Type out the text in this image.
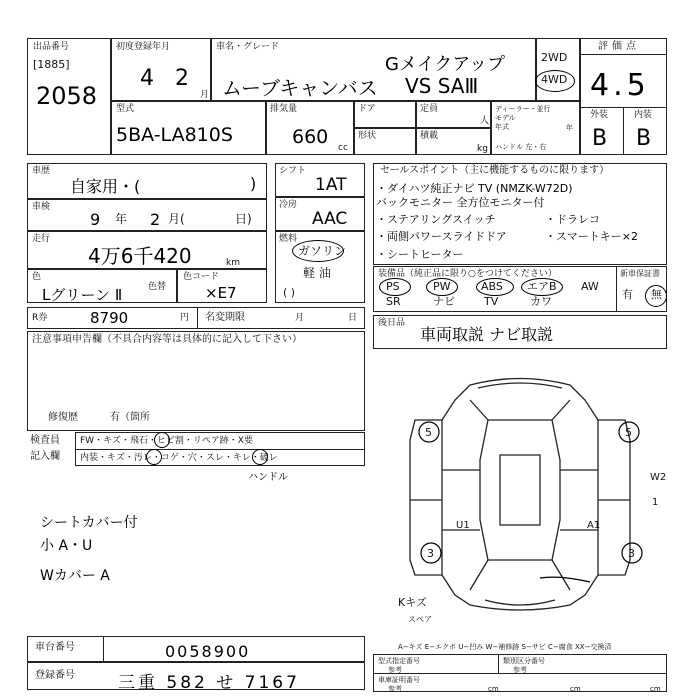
出品番号
[1885]
2058
初度登録年月
4 2
月
車名・グレード
Gメイクアップ
ムーブキャンバス VS SAⅢ
2WD
4WD
評価点
4.5
外装	内装
B B
型式
5BA-LA810S
排気量
660 cc
ドア
形状
定員
人
積載
kg
ディーラー・並行
モデル
年式	年
ハンドル 左・右
車歴
自家用・(	)
車検
9 年 2 月(	日)
走行
4万6千420	km
色
Lグリーン Ⅱ	色替
色コード
×E7
シフト
1AT
冷房
AAC
燃料
ガソリン
軽 油
( )
R券	8790	円 名変期限	月	日
注意事項申告欄（不具合内容等は具体的に記入して下さい）
修復歴	有（箇所
検査員
記入欄
FW・キズ・飛石・ヒビ割・リペア跡・X要
内装・キズ・汚レ・コゲ・穴・スレ・キレ・破レ
ハンドル
シートカバー付
小 A・U
Wカバー A
車台番号	0058900
登録番号	三重 582 せ 7167
セールスポイント（主に機能するものに限ります）
・ダイハツ純正ナビ TV (NMZK-W72D)
バックモニター 全方位モニター付
・ステアリングスイッチ
・両側パワースライドドア
・シートヒーター
・ドラレコ
・スマートキー×2
装備品（純正品に限り○をつけてください）	新車保証書
PS	PW	ABS エアB AW
SR	ナビ	TV	カワ
有 無
後日品
車両取説 ナビ取説
5	5
3	3
U1	A1
W2
1
Kキズ
スペア
A−キズ E−エクボ U−凹み W−補修跡 S−サビ C−腐食 XX−交換済
型式指定番号
参考
類別区分番号
参考
車庫証明番号
参考	cm	cm	cm
